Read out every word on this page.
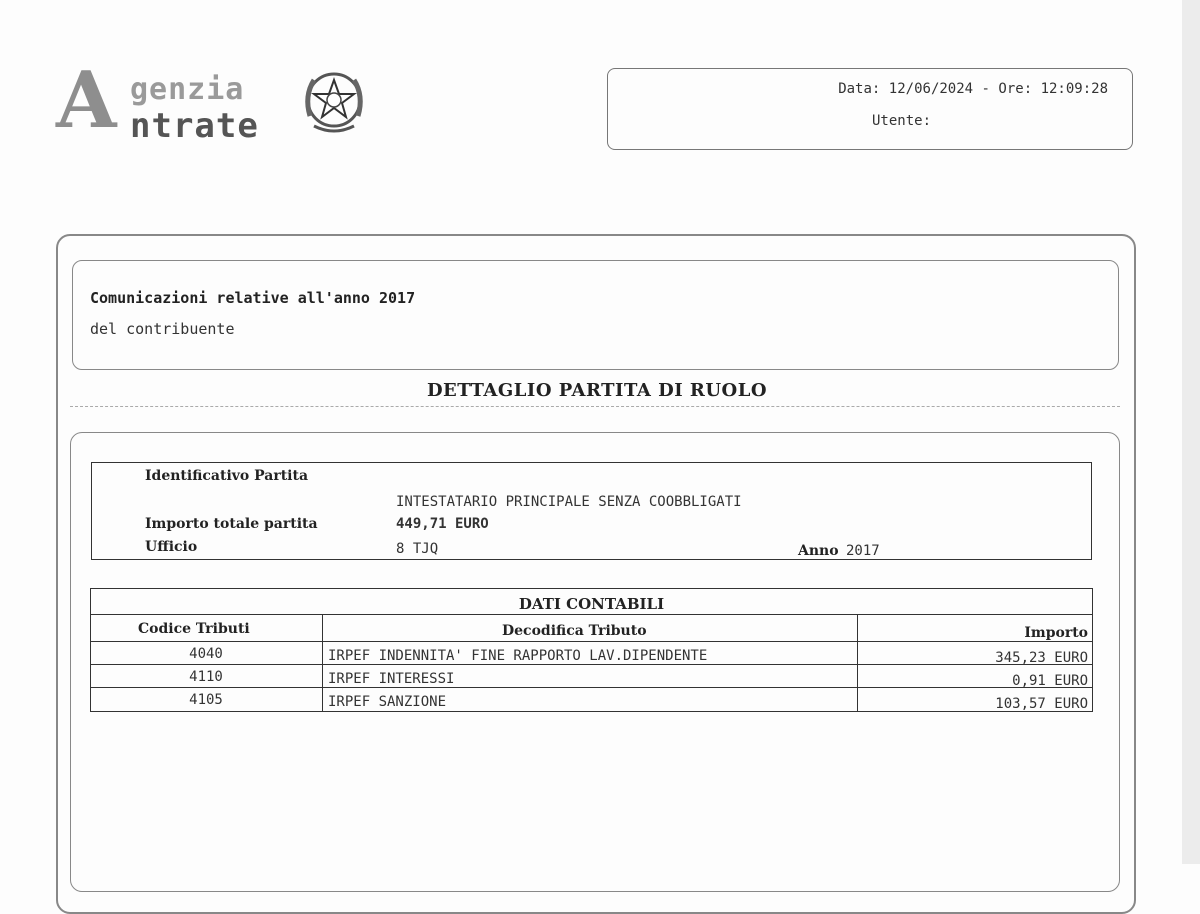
A genzia
ntrate
Data: 12/06/2024 - Ore: 12:09:28
Utente:
Comunicazioni relative all'anno 2017
del contribuente
DETTAGLIO PARTITA DI RUOLO
Identificativo Partita
INTESTATARIO PRINCIPALE SENZA COOBBLIGATI
Importo totale partita	449,71 EURO
Ufficio	8 TJQ	Anno 2017
DATI CONTABILI
Codice Tributi	Decodifica Tributo	Importo
4040	IRPEF INDENNITA' FINE RAPPORTO LAV.DIPENDENTE	345,23 EURO
4110	IRPEF INTERESSI	0,91 EURO
4105	IRPEF SANZIONE	103,57 EURO
